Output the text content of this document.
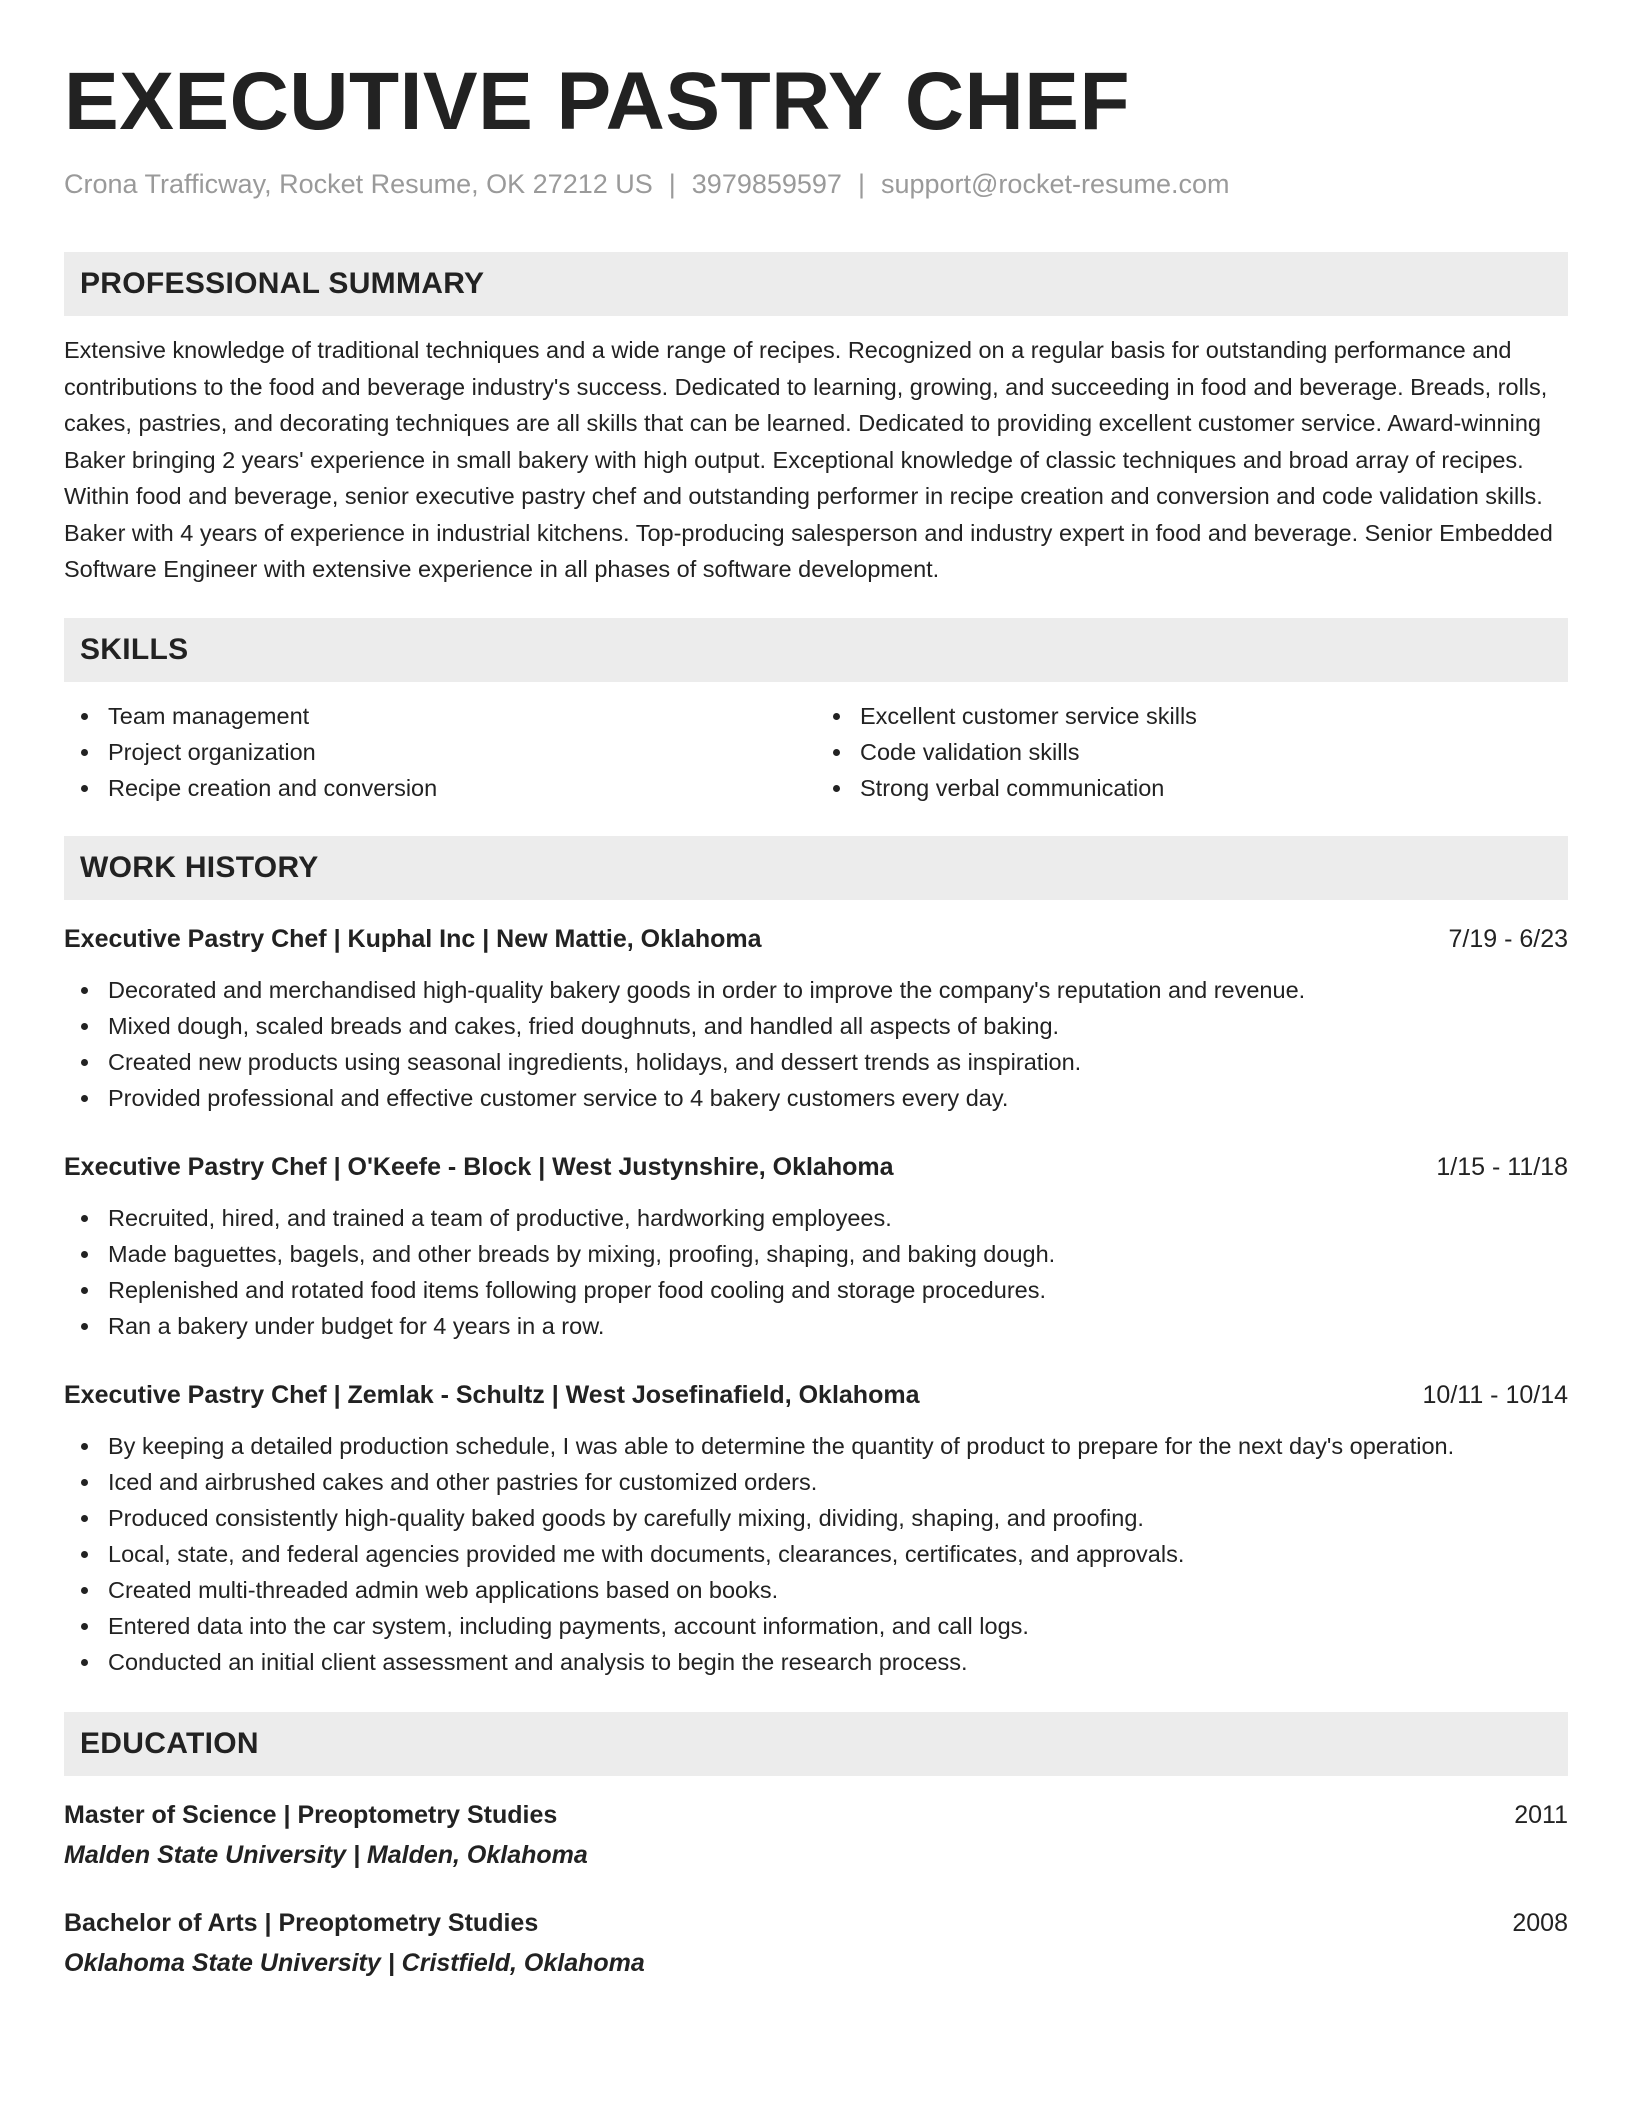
EXECUTIVE PASTRY CHEF
Crona Trafficway, Rocket Resume, OK 27212 US | 3979859597 | support@rocket-resume.com
PROFESSIONAL SUMMARY

Extensive knowledge of traditional techniques and a wide range of recipes. Recognized on a regular basis for outstanding performance and contributions to the food and beverage industry's success. Dedicated to learning, growing, and succeeding in food and beverage. Breads, rolls, cakes, pastries, and decorating techniques are all skills that can be learned. Dedicated to providing excellent customer service. Award-winning Baker bringing 2 years' experience in small bakery with high output. Exceptional knowledge of classic techniques and broad array of recipes. Within food and beverage, senior executive pastry chef and outstanding performer in recipe creation and conversion and code validation skills. Baker with 4 years of experience in industrial kitchens. Top-producing salesperson and industry expert in food and beverage. Senior Embedded Software Engineer with extensive experience in all phases of software development.

SKILLS
Team management
Project organization
Recipe creation and conversion
Excellent customer service skills
Code validation skills
Strong verbal communication
WORK HISTORY
Executive Pastry Chef | Kuphal Inc | New Mattie, Oklahoma	7/19 - 6/23
Decorated and merchandised high-quality bakery goods in order to improve the company's reputation and revenue.
Mixed dough, scaled breads and cakes, fried doughnuts, and handled all aspects of baking.
Created new products using seasonal ingredients, holidays, and dessert trends as inspiration.
Provided professional and effective customer service to 4 bakery customers every day.
Executive Pastry Chef | O'Keefe - Block | West Justynshire, Oklahoma	1/15 - 11/18
Recruited, hired, and trained a team of productive, hardworking employees.
Made baguettes, bagels, and other breads by mixing, proofing, shaping, and baking dough.
Replenished and rotated food items following proper food cooling and storage procedures.
Ran a bakery under budget for 4 years in a row.
Executive Pastry Chef | Zemlak - Schultz | West Josefinafield, Oklahoma	10/11 - 10/14
By keeping a detailed production schedule, I was able to determine the quantity of product to prepare for the next day's operation.
Iced and airbrushed cakes and other pastries for customized orders.
Produced consistently high-quality baked goods by carefully mixing, dividing, shaping, and proofing.
Local, state, and federal agencies provided me with documents, clearances, certificates, and approvals.
Created multi-threaded admin web applications based on books.
Entered data into the car system, including payments, account information, and call logs.
Conducted an initial client assessment and analysis to begin the research process.
EDUCATION
Master of Science | Preoptometry Studies	2011
Malden State University | Malden, Oklahoma
Bachelor of Arts | Preoptometry Studies	2008
Oklahoma State University | Cristfield, Oklahoma
